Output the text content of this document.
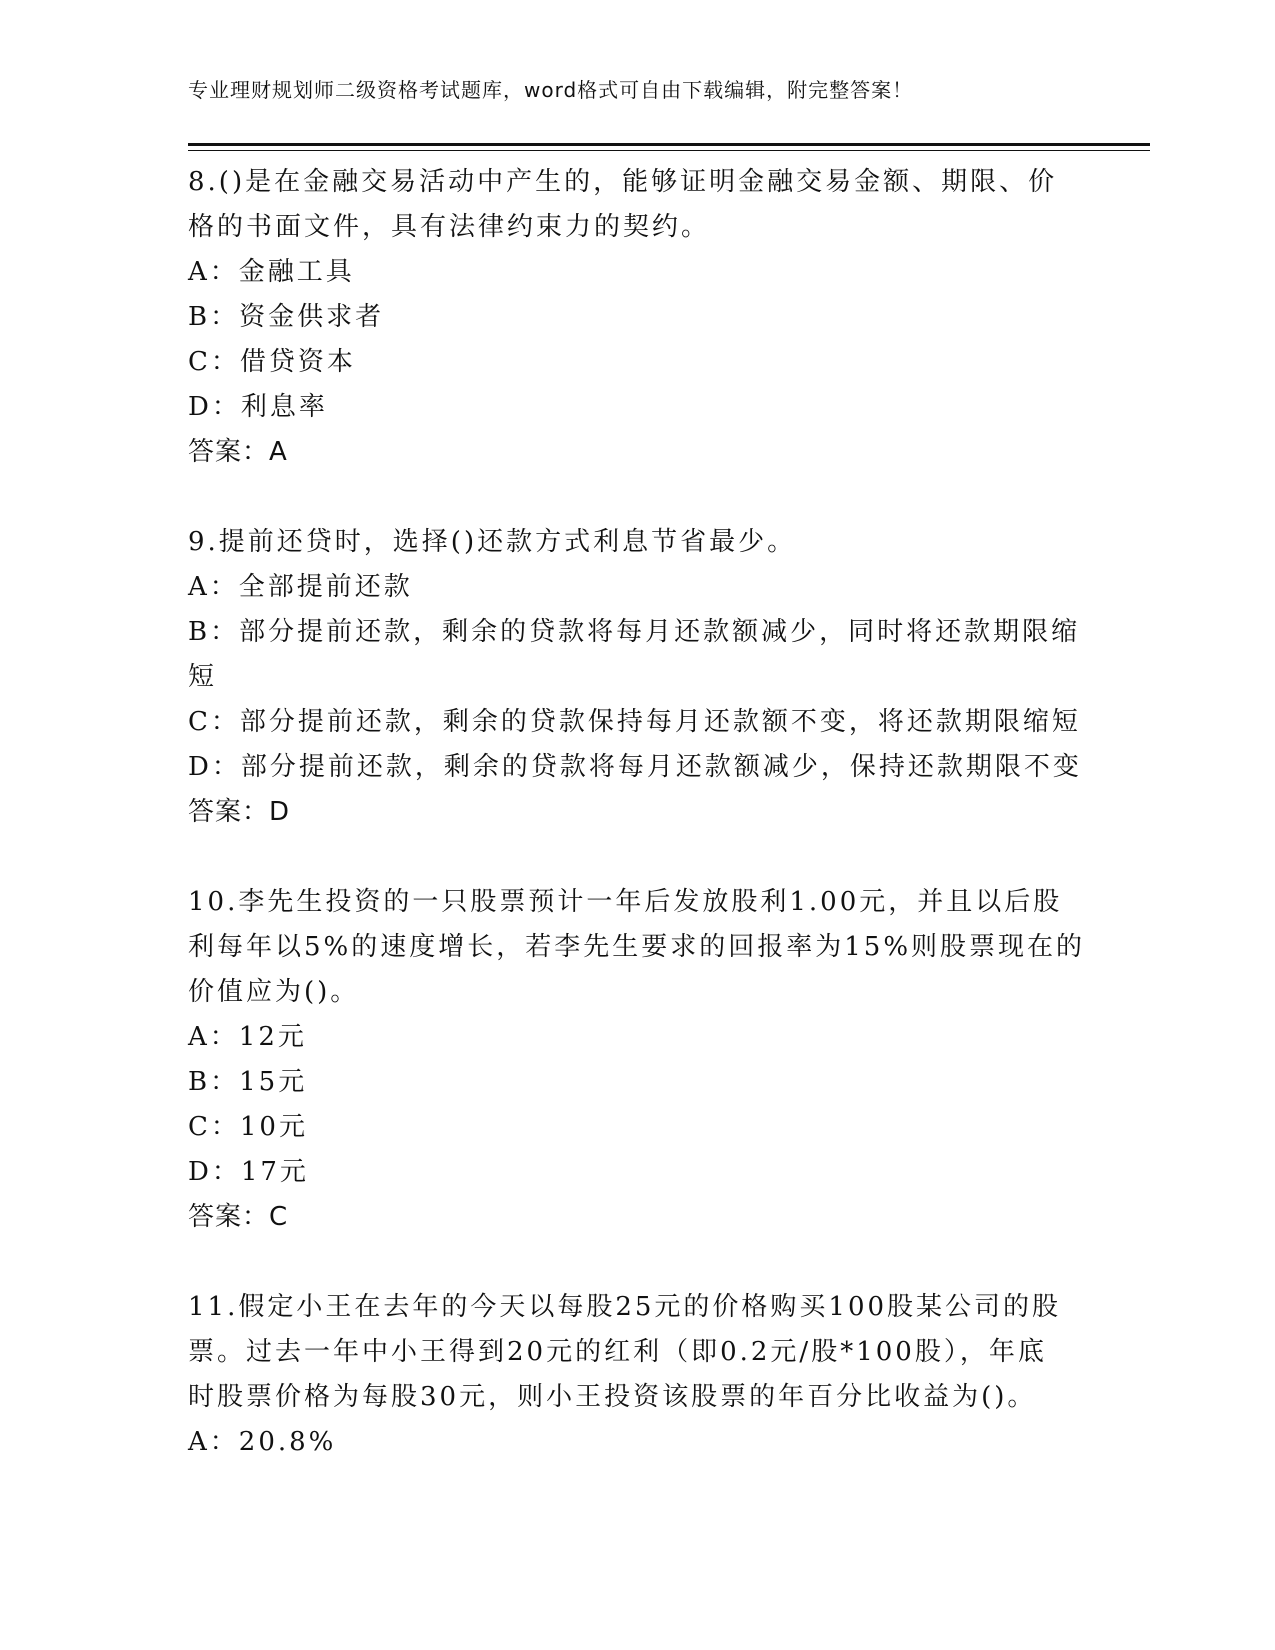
专业理财规划师二级资格考试题库，word格式可自由下载编辑，附完整答案！
8.()是在金融交易活动中产生的，能够证明金融交易金额、期限、价
格的书面文件，具有法律约束力的契约。
A：金融工具
B：资金供求者
C：借贷资本
D：利息率
答案：A
9.提前还贷时，选择()还款方式利息节省最少。
A：全部提前还款
B：部分提前还款，剩余的贷款将每月还款额减少，同时将还款期限缩
短
C：部分提前还款，剩余的贷款保持每月还款额不变，将还款期限缩短
D：部分提前还款，剩余的贷款将每月还款额减少，保持还款期限不变
答案：D
10.李先生投资的一只股票预计一年后发放股利1.00元，并且以后股
利每年以5%的速度增长，若李先生要求的回报率为15%则股票现在的
价值应为()。
A：12元
B：15元
C：10元
D：17元
答案：C
11.假定小王在去年的今天以每股25元的价格购买100股某公司的股
票。过去一年中小王得到20元的红利（即0.2元/股*100股），年底
时股票价格为每股30元，则小王投资该股票的年百分比收益为()。
A：20.8%
